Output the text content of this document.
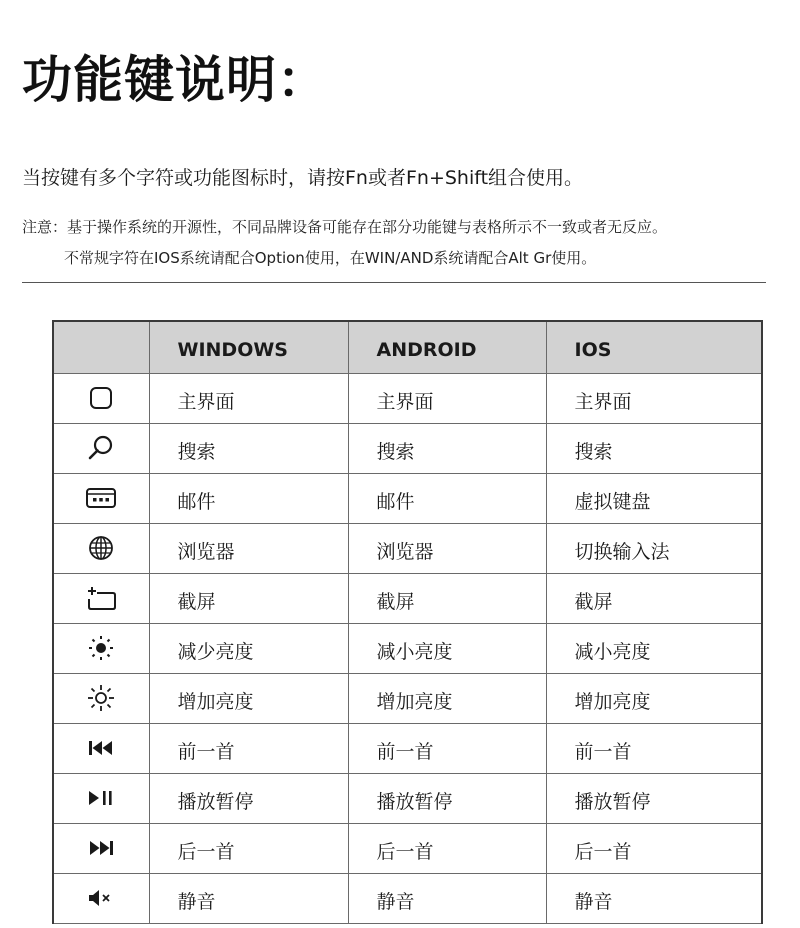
功能键说明：
当按键有多个字符或功能图标时，请按Fn或者Fn+Shift组合使用。
注意：基于操作系统的开源性，不同品牌设备可能存在部分功能键与表格所示不一致或者无反应。
不常规字符在IOS系统请配合Option使用，在WIN/AND系统请配合Alt Gr使用。
	WINDOWS	ANDROID	IOS

	主界面	主界面	主界面

	搜索	搜索	搜索

	邮件	邮件	虚拟键盘

	浏览器	浏览器	切换输入法

	截屏	截屏	截屏

	减少亮度	减小亮度	减小亮度

	增加亮度	增加亮度	增加亮度

	前一首	前一首	前一首

	播放暂停	播放暂停	播放暂停

	后一首	后一首	后一首

	静音	静音	静音
